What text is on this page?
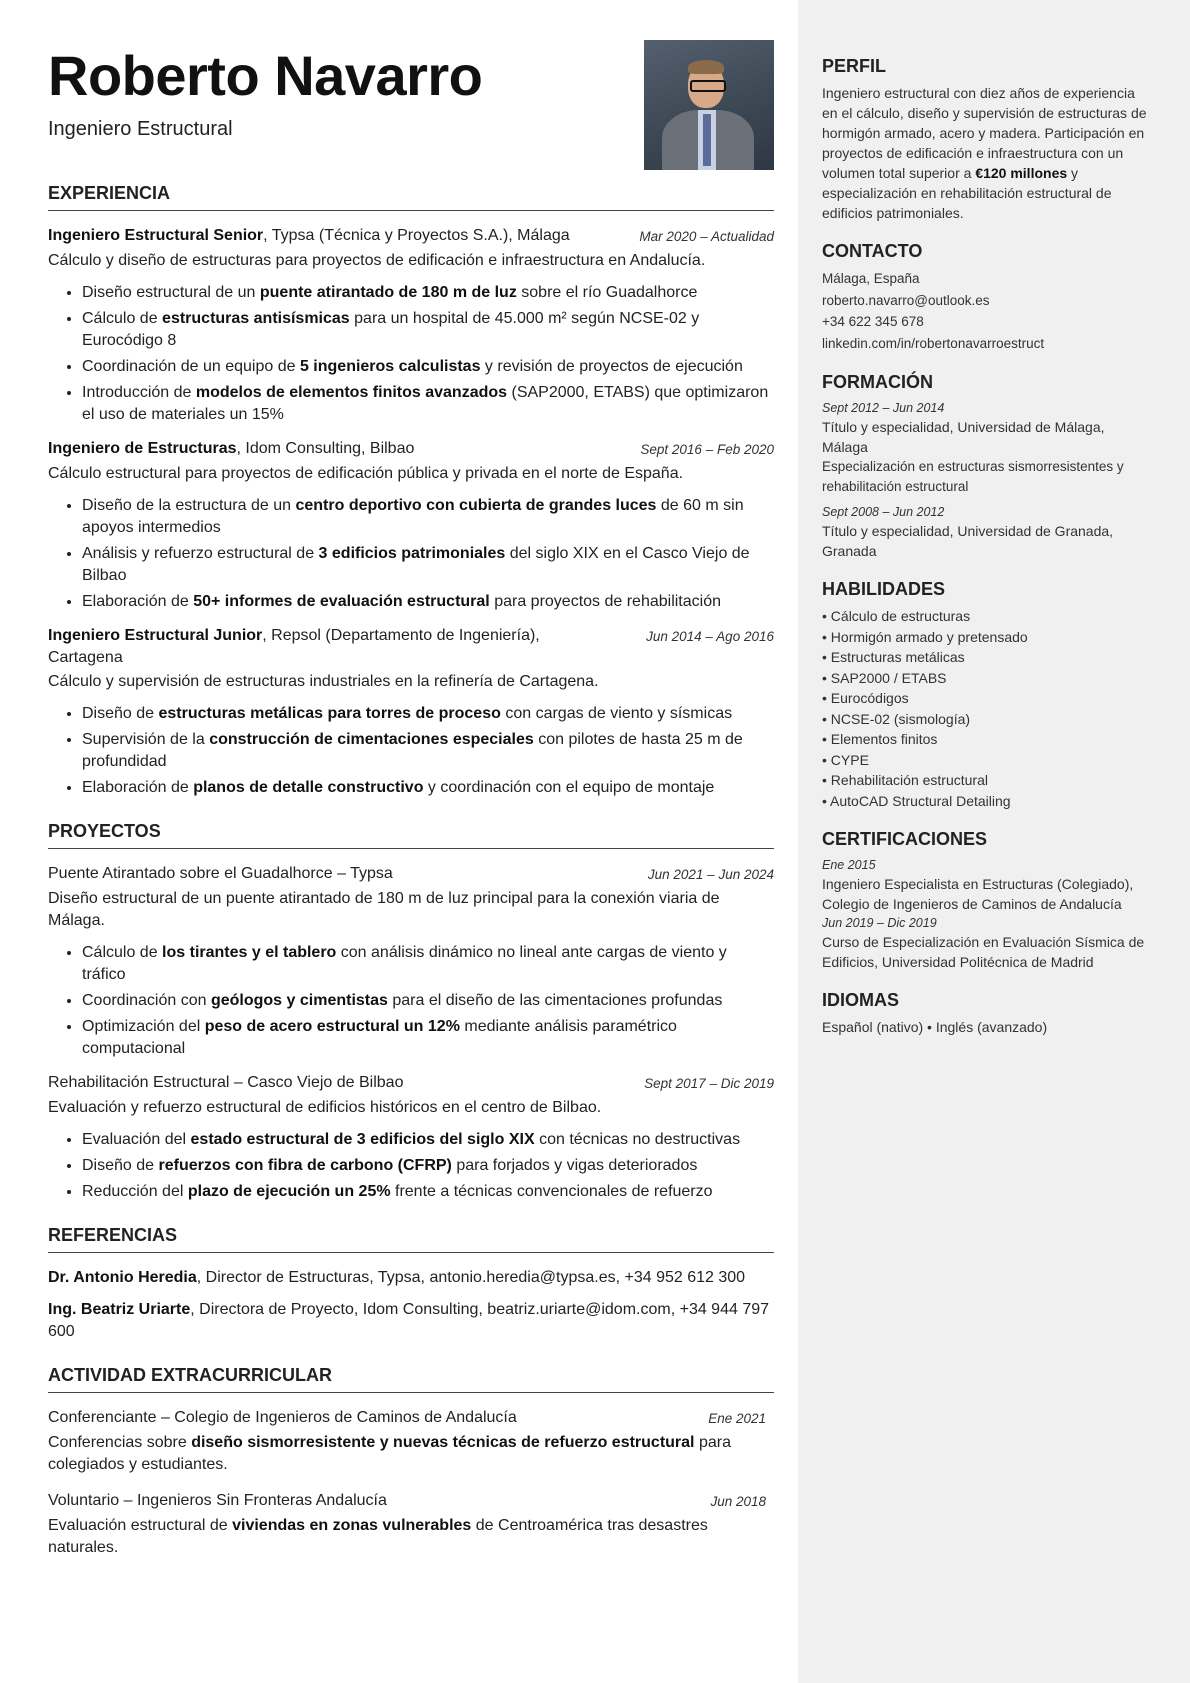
Roberto Navarro
Ingeniero Estructural
EXPERIENCIA
Ingeniero Estructural Senior, Typsa (Técnica y Proyectos S.A.), Málaga	Mar 2020 – Actualidad
Cálculo y diseño de estructuras para proyectos de edificación e infraestructura en Andalucía.
• Diseño estructural de un puente atirantado de 180 m de luz sobre el río Guadalhorce
• Cálculo de estructuras antisísmicas para un hospital de 45.000 m² según NCSE-02 y Eurocódigo 8
• Coordinación de un equipo de 5 ingenieros calculistas y revisión de proyectos de ejecución
• Introducción de modelos de elementos finitos avanzados (SAP2000, ETABS) que optimizaron el uso de materiales un 15%
Ingeniero de Estructuras, Idom Consulting, Bilbao	Sept 2016 – Feb 2020
Cálculo estructural para proyectos de edificación pública y privada en el norte de España.
• Diseño de la estructura de un centro deportivo con cubierta de grandes luces de 60 m sin apoyos intermedios
• Análisis y refuerzo estructural de 3 edificios patrimoniales del siglo XIX en el Casco Viejo de Bilbao
• Elaboración de 50+ informes de evaluación estructural para proyectos de rehabilitación
Ingeniero Estructural Junior, Repsol (Departamento de Ingeniería), Cartagena
Jun 2014 – Ago 2016
Cálculo y supervisión de estructuras industriales en la refinería de Cartagena.
• Diseño de estructuras metálicas para torres de proceso con cargas de viento y sísmicas
• Supervisión de la construcción de cimentaciones especiales con pilotes de hasta 25 m de profundidad
• Elaboración de planos de detalle constructivo y coordinación con el equipo de montaje
PROYECTOS
Puente Atirantado sobre el Guadalhorce – Typsa	Jun 2021 – Jun 2024
Diseño estructural de un puente atirantado de 180 m de luz principal para la conexión viaria de Málaga.
• Cálculo de los tirantes y el tablero con análisis dinámico no lineal ante cargas de viento y tráfico
• Coordinación con geólogos y cimentistas para el diseño de las cimentaciones profundas
• Optimización del peso de acero estructural un 12% mediante análisis paramétrico computacional
Rehabilitación Estructural – Casco Viejo de Bilbao	Sept 2017 – Dic 2019
Evaluación y refuerzo estructural de edificios históricos en el centro de Bilbao.
• Evaluación del estado estructural de 3 edificios del siglo XIX con técnicas no destructivas
• Diseño de refuerzos con fibra de carbono (CFRP) para forjados y vigas deteriorados
• Reducción del plazo de ejecución un 25% frente a técnicas convencionales de refuerzo
REFERENCIAS
Dr. Antonio Heredia, Director de Estructuras, Typsa, antonio.heredia@typsa.es, +34 952 612 300
Ing. Beatriz Uriarte, Directora de Proyecto, Idom Consulting, beatriz.uriarte@idom.com, +34 944 797 600
ACTIVIDAD EXTRACURRICULAR
Conferenciante – Colegio de Ingenieros de Caminos de Andalucía	Ene 2021
Conferencias sobre diseño sismorresistente y nuevas técnicas de refuerzo estructural para colegiados y estudiantes.
Voluntario – Ingenieros Sin Fronteras Andalucía	Jun 2018
Evaluación estructural de viviendas en zonas vulnerables de Centroamérica tras desastres naturales.
PERFIL
Ingeniero estructural con diez años de experiencia en el cálculo, diseño y supervisión de estructuras de hormigón armado, acero y madera. Participación en proyectos de edificación e infraestructura con un volumen total superior a €120 millones y especialización en rehabilitación estructural de edificios patrimoniales.
CONTACTO
Málaga, España
roberto.navarro@outlook.es
+34 622 345 678
linkedin.com/in/robertonavarroestruct
FORMACIÓN
Sept 2012 – Jun 2014
Título y especialidad, Universidad de Málaga, Málaga
Especialización en estructuras sismorresistentes y rehabilitación estructural
Sept 2008 – Jun 2012
Título y especialidad, Universidad de Granada, Granada
HABILIDADES
• Cálculo de estructuras
• Hormigón armado y pretensado
• Estructuras metálicas
• SAP2000 / ETABS
• Eurocódigos
• NCSE-02 (sismología)
• Elementos finitos
• CYPE
• Rehabilitación estructural
• AutoCAD Structural Detailing
CERTIFICACIONES
Ene 2015
Ingeniero Especialista en Estructuras (Colegiado), Colegio de Ingenieros de Caminos de Andalucía
Jun 2019 – Dic 2019
Curso de Especialización en Evaluación Sísmica de Edificios, Universidad Politécnica de Madrid
IDIOMAS
Español (nativo) • Inglés (avanzado)
